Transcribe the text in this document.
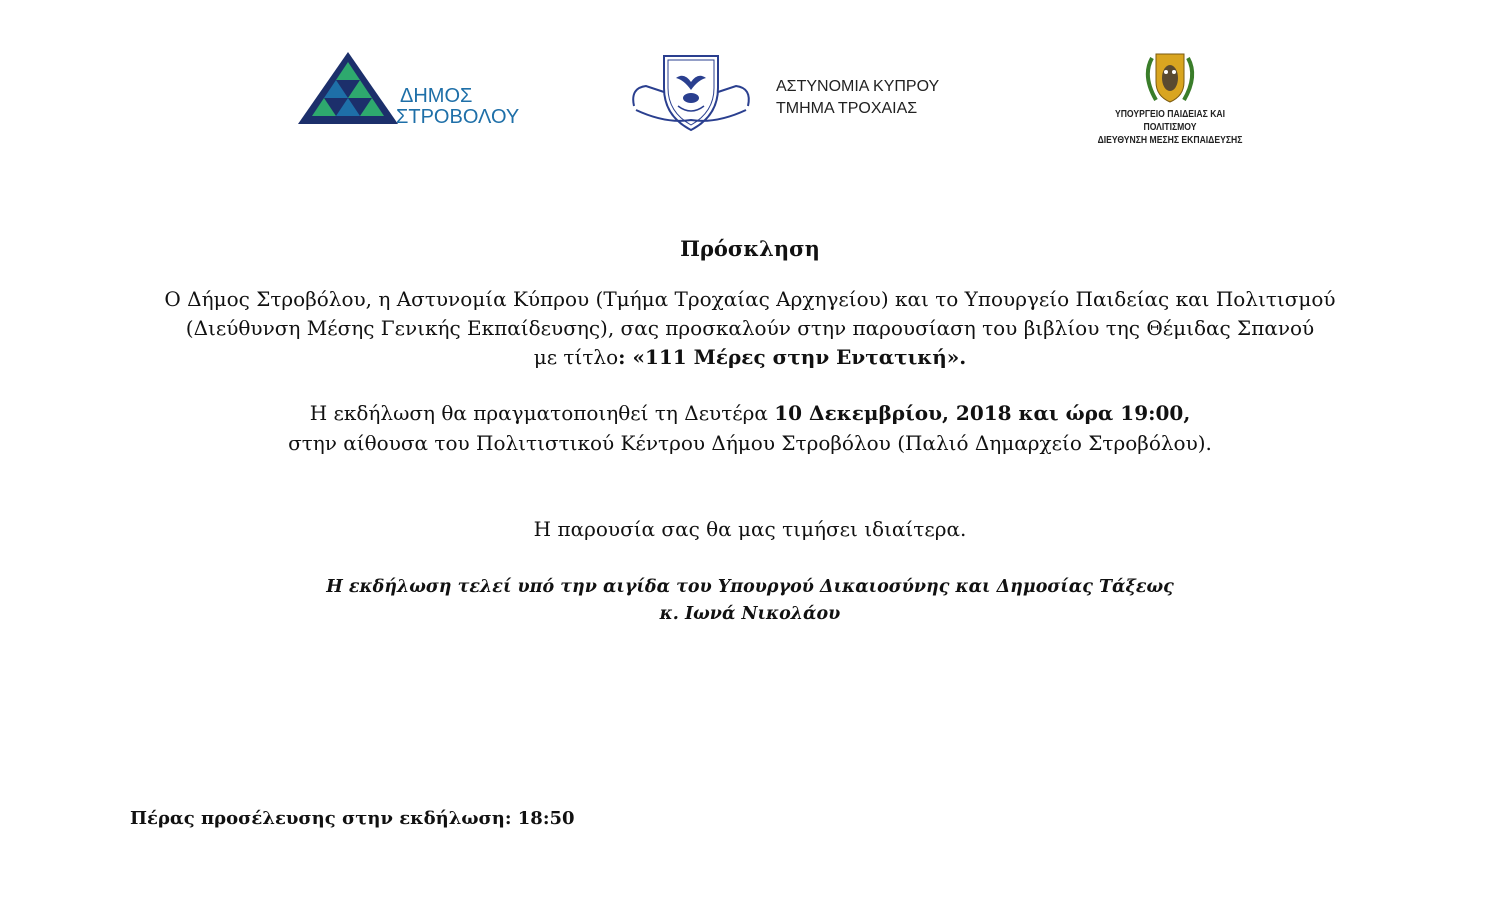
ΔΗΜΟΣ
ΣΤΡΟΒΟΛΟΥ
ΑΣΤΥΝΟΜΙΑ ΚΥΠΡΟΥ
ΤΜΗΜΑ ΤΡΟΧΑΙΑΣ	ΥΠΟΥΡΓΕΙΟ ΠΑΙΔΕΙΑΣ ΚΑΙ ΠΟΛΙΤΙΣΜΟΥ
ΔΙΕΥΘΥΝΣΗ ΜΕΣΗΣ ΕΚΠΑΙΔΕΥΣΗΣ
Πρόσκληση
Ο Δήμος Στροβόλου, η Αστυνομία Κύπρου (Τμήμα Τροχαίας Αρχηγείου) και το Υπουργείο Παιδείας και Πολιτισμού
(Διεύθυνση Μέσης Γενικής Εκπαίδευσης), σας προσκαλούν στην παρουσίαση του βιβλίου της Θέμιδας Σπανού
με τίτλο: «111 Μέρες στην Εντατική».
Η εκδήλωση θα πραγματοποιηθεί τη Δευτέρα 10 Δεκεμβρίου, 2018 και ώρα 19:00,
στην αίθουσα του Πολιτιστικού Κέντρου Δήμου Στροβόλου (Παλιό Δημαρχείο Στροβόλου).
Η παρουσία σας θα μας τιμήσει ιδιαίτερα.
Η εκδήλωση τελεί υπό την αιγίδα του Υπουργού Δικαιοσύνης και Δημοσίας Τάξεως
κ. Ιωνά Νικολάου
Πέρας προσέλευσης στην εκδήλωση: 18:50
